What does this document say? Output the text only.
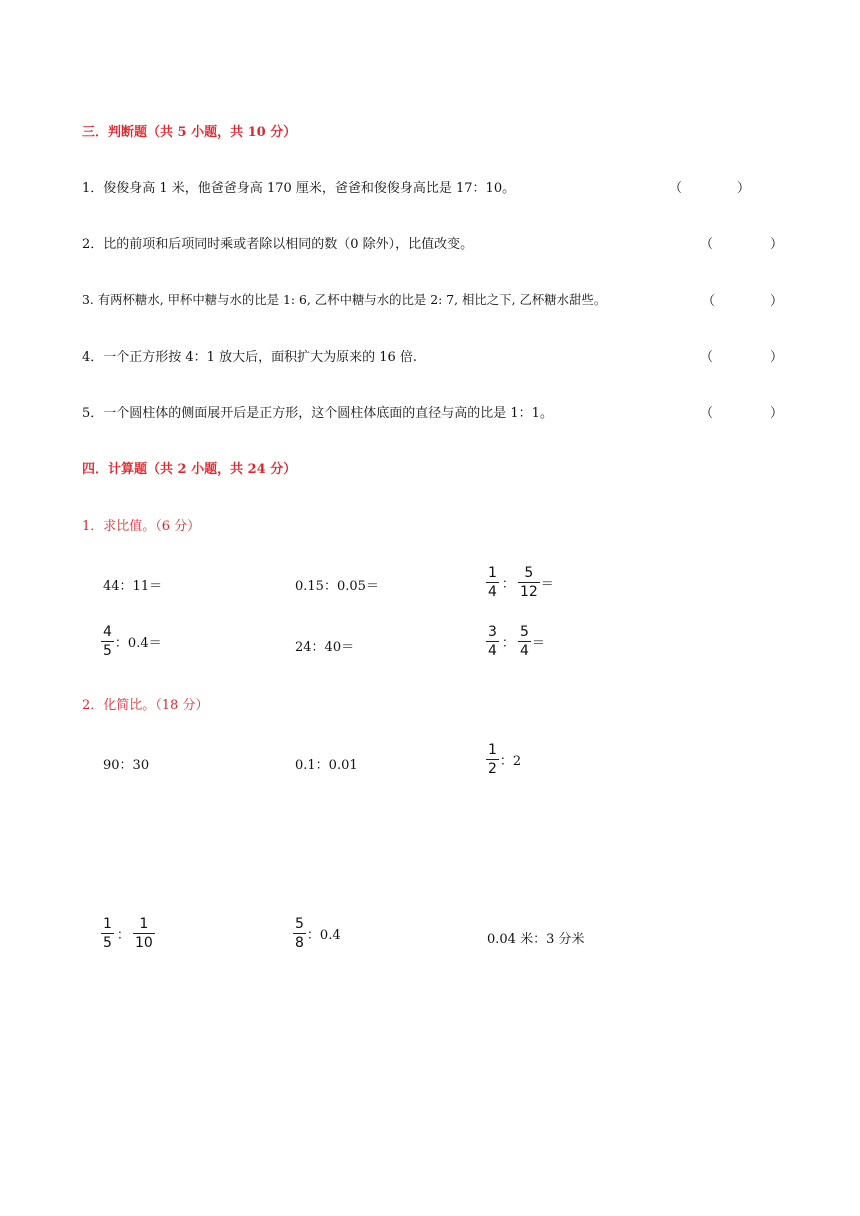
三．判断题（共 5 小题，共 10 分）
1．俊俊身高 1 米，他爸爸身高 170 厘米，爸爸和俊俊身高比是 17：10。	（	）
2．比的前项和后项同时乘或者除以相同的数（0 除外），比值改变。	（	）
3. 有两杯糖水, 甲杯中糖与水的比是 1: 6, 乙杯中糖与水的比是 2: 7, 相比之下, 乙杯糖水甜些。	（	）
4．一个正方形按 4：1 放大后，面积扩大为原来的 16 倍.	（	）
5．一个圆柱体的侧面展开后是正方形，这个圆柱体底面的直径与高的比是 1：1。	（	）
四．计算题（共 2 小题，共 24 分）
1．求比值。（6 分）
44：11＝	0.15：0.05＝	$\frac{1}{4}$ ： $\frac{5}{12}$ ＝
$\frac{4}{5}$ ：0.4＝	24：40＝	$\frac{3}{4}$ ： $\frac{5}{4}$ ＝
2．化简比。（18 分）
90：30	0.1：0.01	$\frac{1}{2}$ ：2
$\frac{1}{5}$ ： $\frac{1}{10}$	$\frac{5}{8}$ ：0.4	0.04 米：3 分米
